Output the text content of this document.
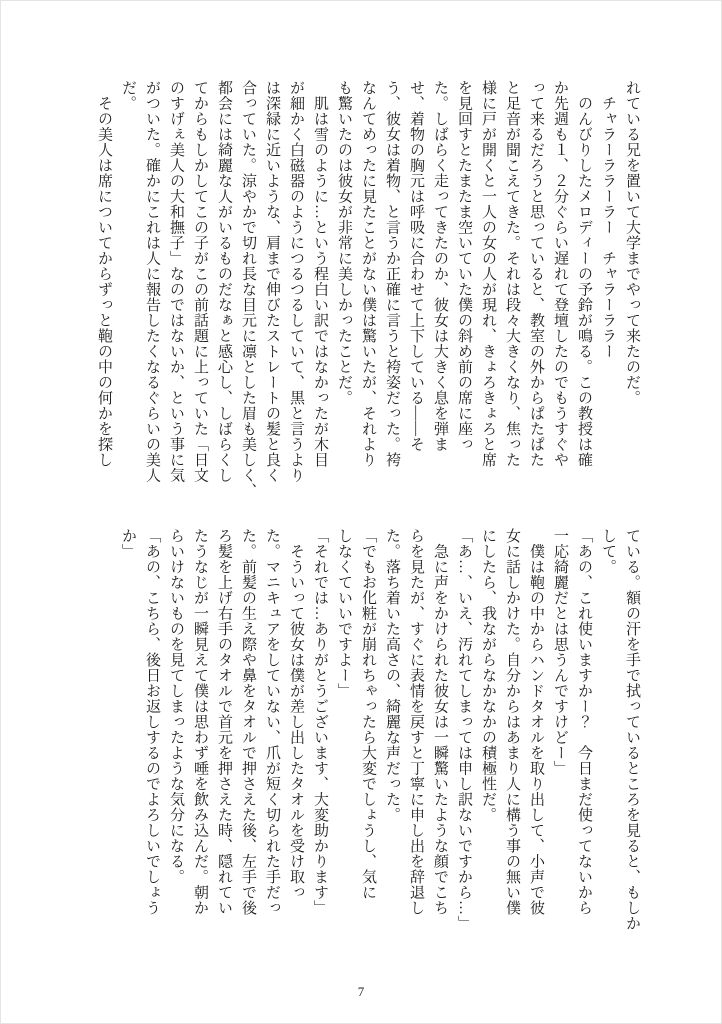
れている兄を置いて大学までやって来たのだ。
　チャラーララーラー　チャラーララー
　のんびりしたメロディーの予鈴が鳴る。この教授は確
か先週も１、２分ぐらい遅れて登壇したのでもうすぐや
って来るだろうと思っていると、教室の外からぱたぱた
と足音が聞こえてきた。それは段々大きくなり、焦った
様に戸が開くと一人の女の人が現れ、きょろきょろと席
を見回すとたまたま空いていた僕の斜め前の席に座っ
た。しばらく走ってきたのか、彼女は大きく息を弾ま
せ、着物の胸元は呼吸に合わせて上下している――そ
う、彼女は着物、と言うか正確に言うと袴姿だった。袴
なんてめったに見たことがない僕は驚いたが、それより
も驚いたのは彼女が非常に美しかったことだ。
　肌は雪のように…という程白い訳ではなかったが木目
が細かく白磁器のようにつるつるしていて、黒と言うより
は深緑に近いような、肩まで伸びたストレートの髪と良く
合っていた。涼やかで切れ長な目元に凛とした眉も美しく、
都会には綺麗な人がいるものだなぁと感心し、しばらくし
てからもしかしてこの子がこの前話題に上っていた「日文
のすげぇ美人の大和撫子」なのではないか、という事に気
がついた。確かにこれは人に報告したくなるぐらいの美人
だ。
　その美人は席についてからずっと鞄の中の何かを探し
ている。額の汗を手で拭っているところを見ると、もしか
して。
「あの、これ使いますかー？　今日まだ使ってないから
一応綺麗だとは思うんですけどー」
　僕は鞄の中からハンドタオルを取り出して、小声で彼
女に話しかけた。自分からはあまり人に構う事の無い僕
にしたら、我ながらなかなかの積極性だ。
「あ…、いえ、汚れてしまっては申し訳ないですから…」
　急に声をかけられた彼女は一瞬驚いたような顔でこち
らを見たが、すぐに表情を戻すと丁寧に申し出を辞退し
た。落ち着いた高さの、綺麗な声だった。
「でもお化粧が崩れちゃったら大変でしょうし、気に
しなくていいですよー」
「それでは…ありがとうございます、大変助かります」
　そういって彼女は僕が差し出したタオルを受け取っ
た。マニキュアをしていない、爪が短く切られた手だっ
た。前髪の生え際や鼻をタオルで押さえた後、左手で後
ろ髪を上げ右手のタオルで首元を押さえた時、隠れてい
たうなじが一瞬見えて僕は思わず唾を飲み込んだ。朝か
らいけないものを見てしまったような気分になる。
「あの、こちら、後日お返しするのでよろしいでしょう
か」
7
